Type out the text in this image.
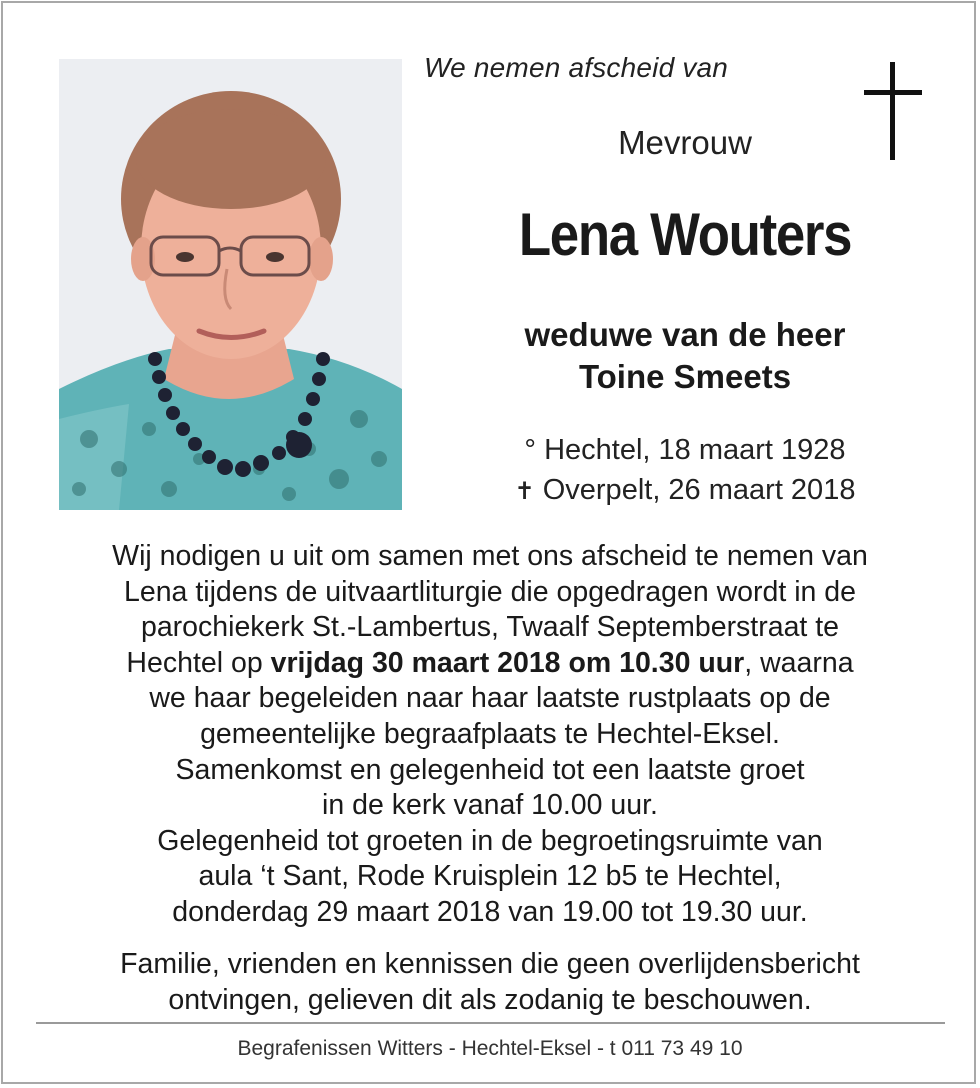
We nemen afscheid van
Mevrouw
Lena Wouters
weduwe van de heer
Toine Smeets
° Hechtel, 18 maart 1928
✝ Overpelt, 26 maart 2018

Wij nodigen u uit om samen met ons afscheid te nemen van

Lena tijdens de uitvaartliturgie die opgedragen wordt in de

parochiekerk St.-Lambertus, Twaalf Septemberstraat te

Hechtel op vrijdag 30 maart 2018 om 10.30 uur, waarna

we haar begeleiden naar haar laatste rustplaats op de

gemeentelijke begraafplaats te Hechtel-Eksel.

Samenkomst en gelegenheid tot een laatste groet

in de kerk vanaf 10.00 uur.

Gelegenheid tot groeten in de begroetingsruimte van

aula ‘t Sant, Rode Kruisplein 12 b5 te Hechtel,

donderdag 29 maart 2018 van 19.00 tot 19.30 uur.

Familie, vrienden en kennissen die geen overlijdensbericht

ontvingen, gelieven dit als zodanig te beschouwen.

Begrafenissen Witters - Hechtel-Eksel - t 011 73 49 10
